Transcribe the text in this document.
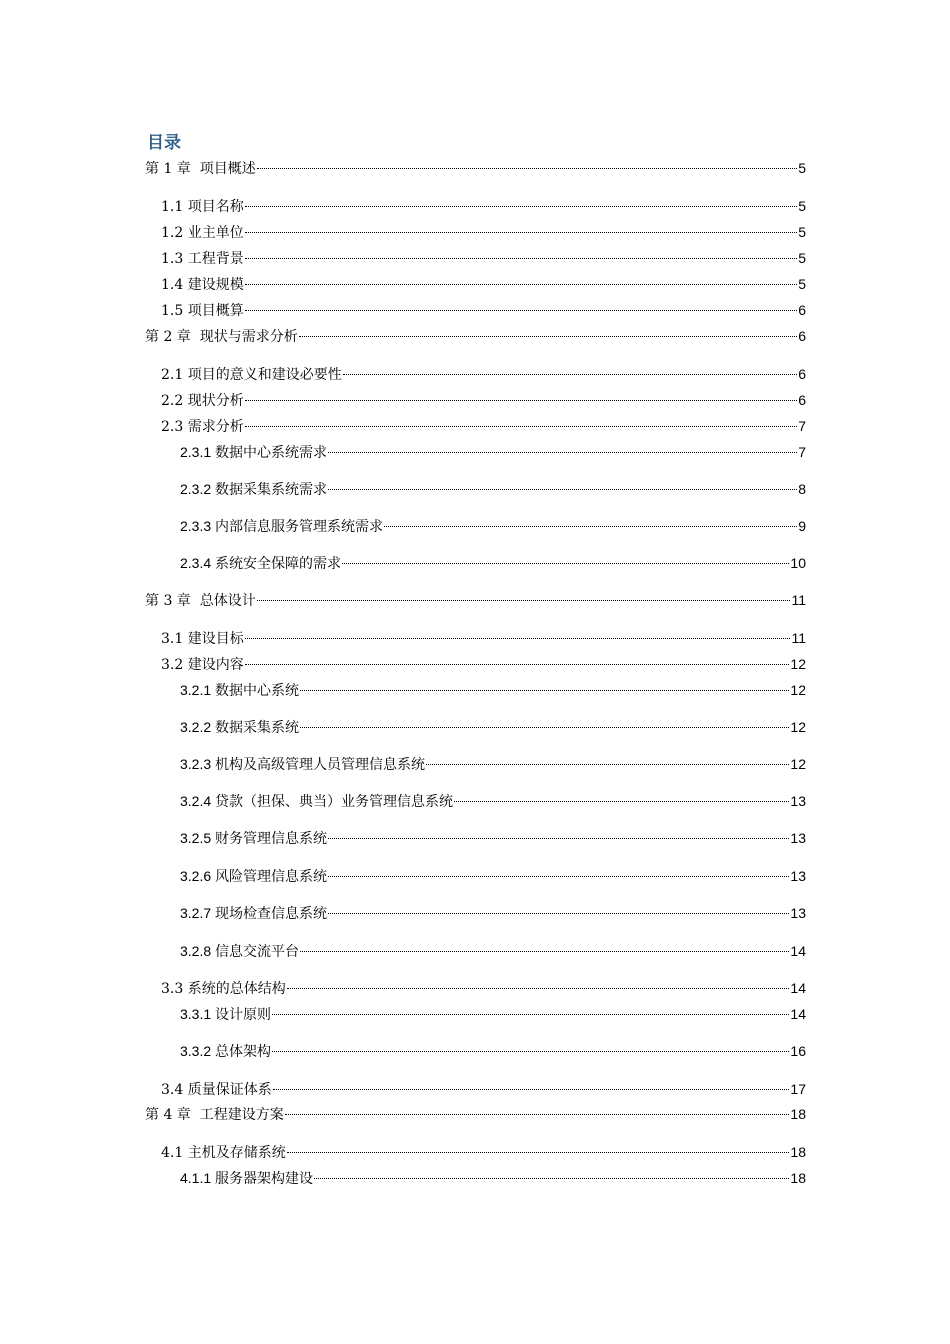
目录
第 1 章 项目概述	5
1.1 项目名称	5
1.2 业主单位	5
1.3 工程背景	5
1.4 建设规模	5
1.5 项目概算	6
第 2 章 现状与需求分析	6
2.1 项目的意义和建设必要性	6
2.2 现状分析	6
2.3 需求分析	7
2.3.1 数据中心系统需求	7
2.3.2 数据采集系统需求	8
2.3.3 内部信息服务管理系统需求	9
2.3.4 系统安全保障的需求	10
第 3 章 总体设计	11
3.1 建设目标	11
3.2 建设内容	12
3.2.1 数据中心系统	12
3.2.2 数据采集系统	12
3.2.3 机构及高级管理人员管理信息系统	12
3.2.4 贷款（担保、典当）业务管理信息系统	13
3.2.5 财务管理信息系统	13
3.2.6 风险管理信息系统	13
3.2.7 现场检查信息系统	13
3.2.8 信息交流平台	14
3.3 系统的总体结构	14
3.3.1 设计原则	14
3.3.2 总体架构	16
3.4 质量保证体系	17
第 4 章 工程建设方案	18
4.1 主机及存储系统	18
4.1.1 服务器架构建设	18
